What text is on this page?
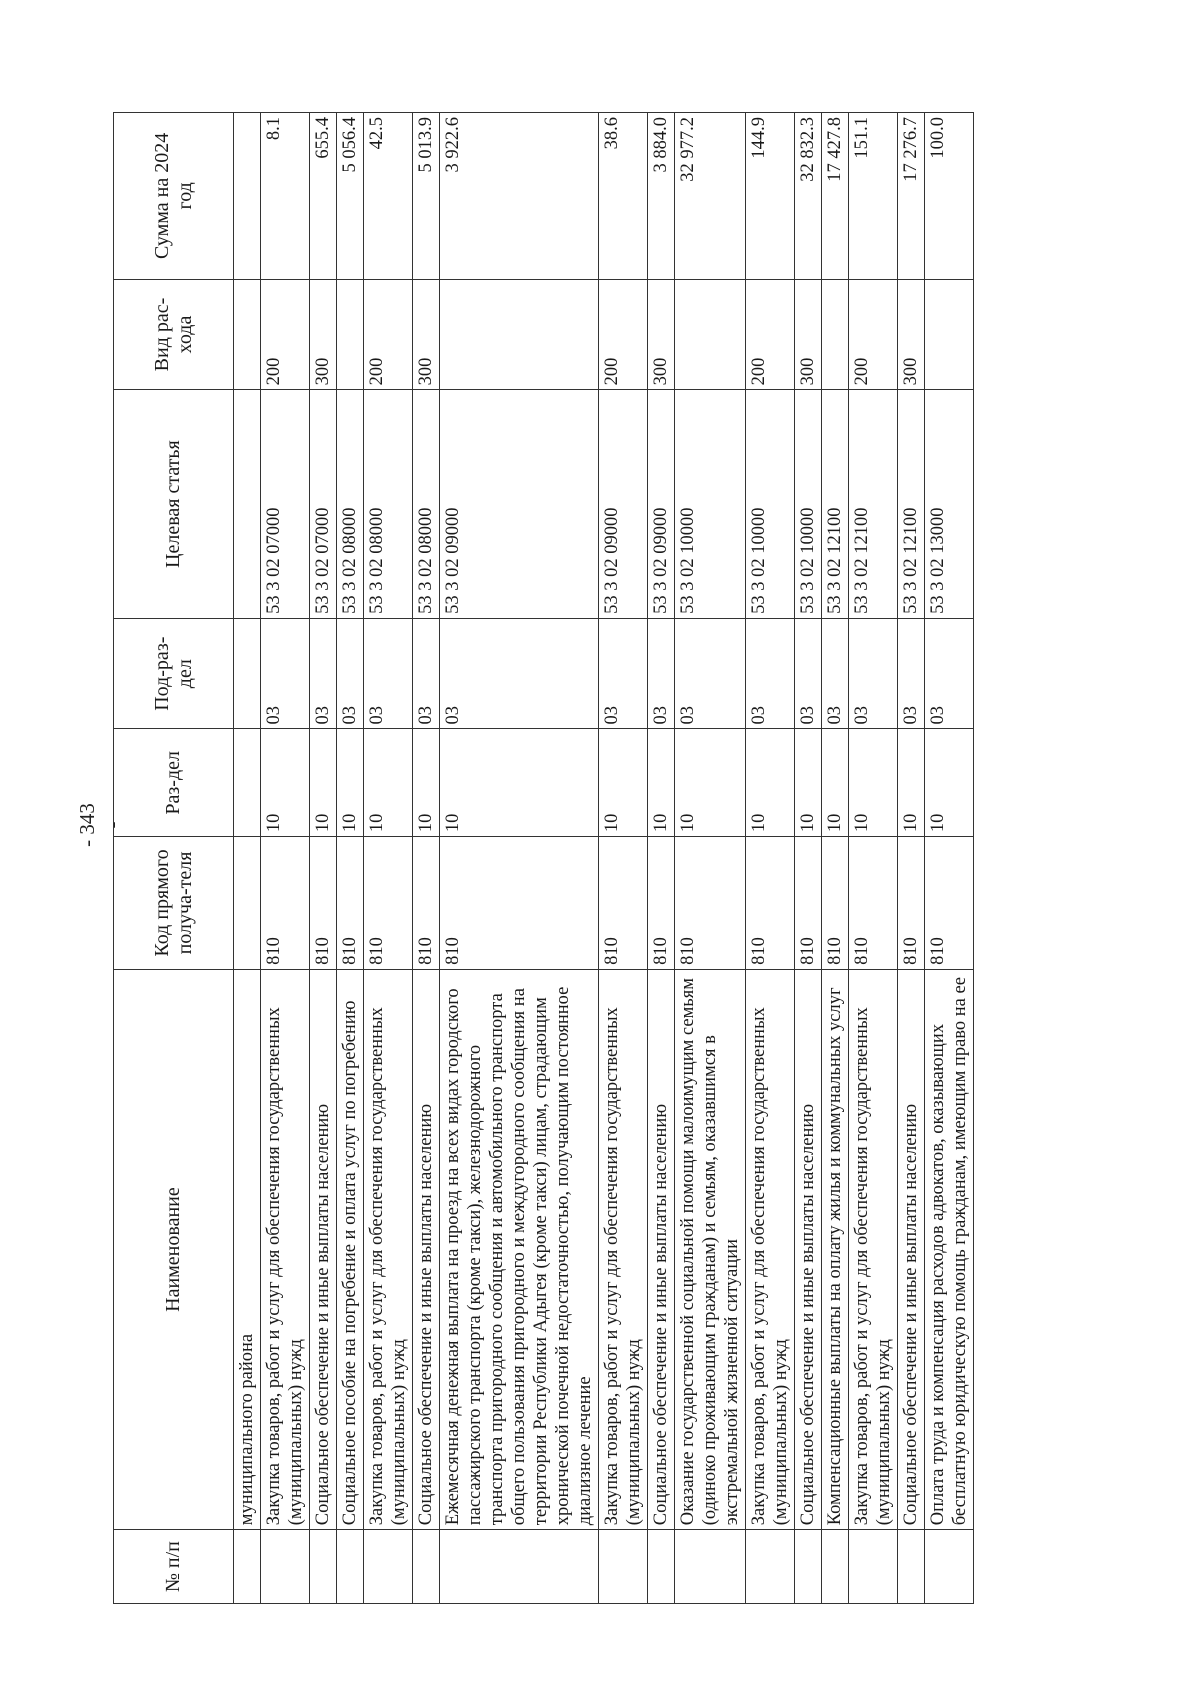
- 343 -
№ п/п	Наименование	Код прямого получа-теля	Раз-дел	Под-раз-дел	Целевая статья	Вид рас-хода	Сумма на 2024 год
	муниципального района						
	Закупка товаров, работ и услуг для обеспечения государственных (муниципальных) нужд	810	10	03	53 3 02 07000	200	8.1
	Социальное обеспечение и иные выплаты населению	810	10	03	53 3 02 07000	300	655.4
	Социальное пособие на погребение и оплата услуг по погребению	810	10	03	53 3 02 08000		5 056.4
	Закупка товаров, работ и услуг для обеспечения государственных (муниципальных) нужд	810	10	03	53 3 02 08000	200	42.5
	Социальное обеспечение и иные выплаты населению	810	10	03	53 3 02 08000	300	5 013.9
	Ежемесячная денежная выплата на проезд на всех видах городского пассажирского транспорта (кроме такси), железнодорожного транспорта пригородного сообщения и автомобильного транспорта общего пользования пригородного и междугородного сообщения на территории Республики Адыгея (кроме такси) лицам, страдающим хронической почечной недостаточностью, получающим постоянное диализное лечение	810	10	03	53 3 02 09000		3 922.6
	Закупка товаров, работ и услуг для обеспечения государственных (муниципальных) нужд	810	10	03	53 3 02 09000	200	38.6
	Социальное обеспечение и иные выплаты населению	810	10	03	53 3 02 09000	300	3 884.0
	Оказание государственной социальной помощи малоимущим семьям (одиноко проживающим гражданам) и семьям, оказавшимся в экстремальной жизненной ситуации	810	10	03	53 3 02 10000		32 977.2
	Закупка товаров, работ и услуг для обеспечения государственных (муниципальных) нужд	810	10	03	53 3 02 10000	200	144.9
	Социальное обеспечение и иные выплаты населению	810	10	03	53 3 02 10000	300	32 832.3
	Компенсационные выплаты на оплату жилья и коммунальных услуг	810	10	03	53 3 02 12100		17 427.8
	Закупка товаров, работ и услуг для обеспечения государственных (муниципальных) нужд	810	10	03	53 3 02 12100	200	151.1
	Социальное обеспечение и иные выплаты населению	810	10	03	53 3 02 12100	300	17 276.7
	Оплата труда и компенсация расходов адвокатов, оказывающих бесплатную юридическую помощь гражданам, имеющим право на ее	810	10	03	53 3 02 13000		100.0
